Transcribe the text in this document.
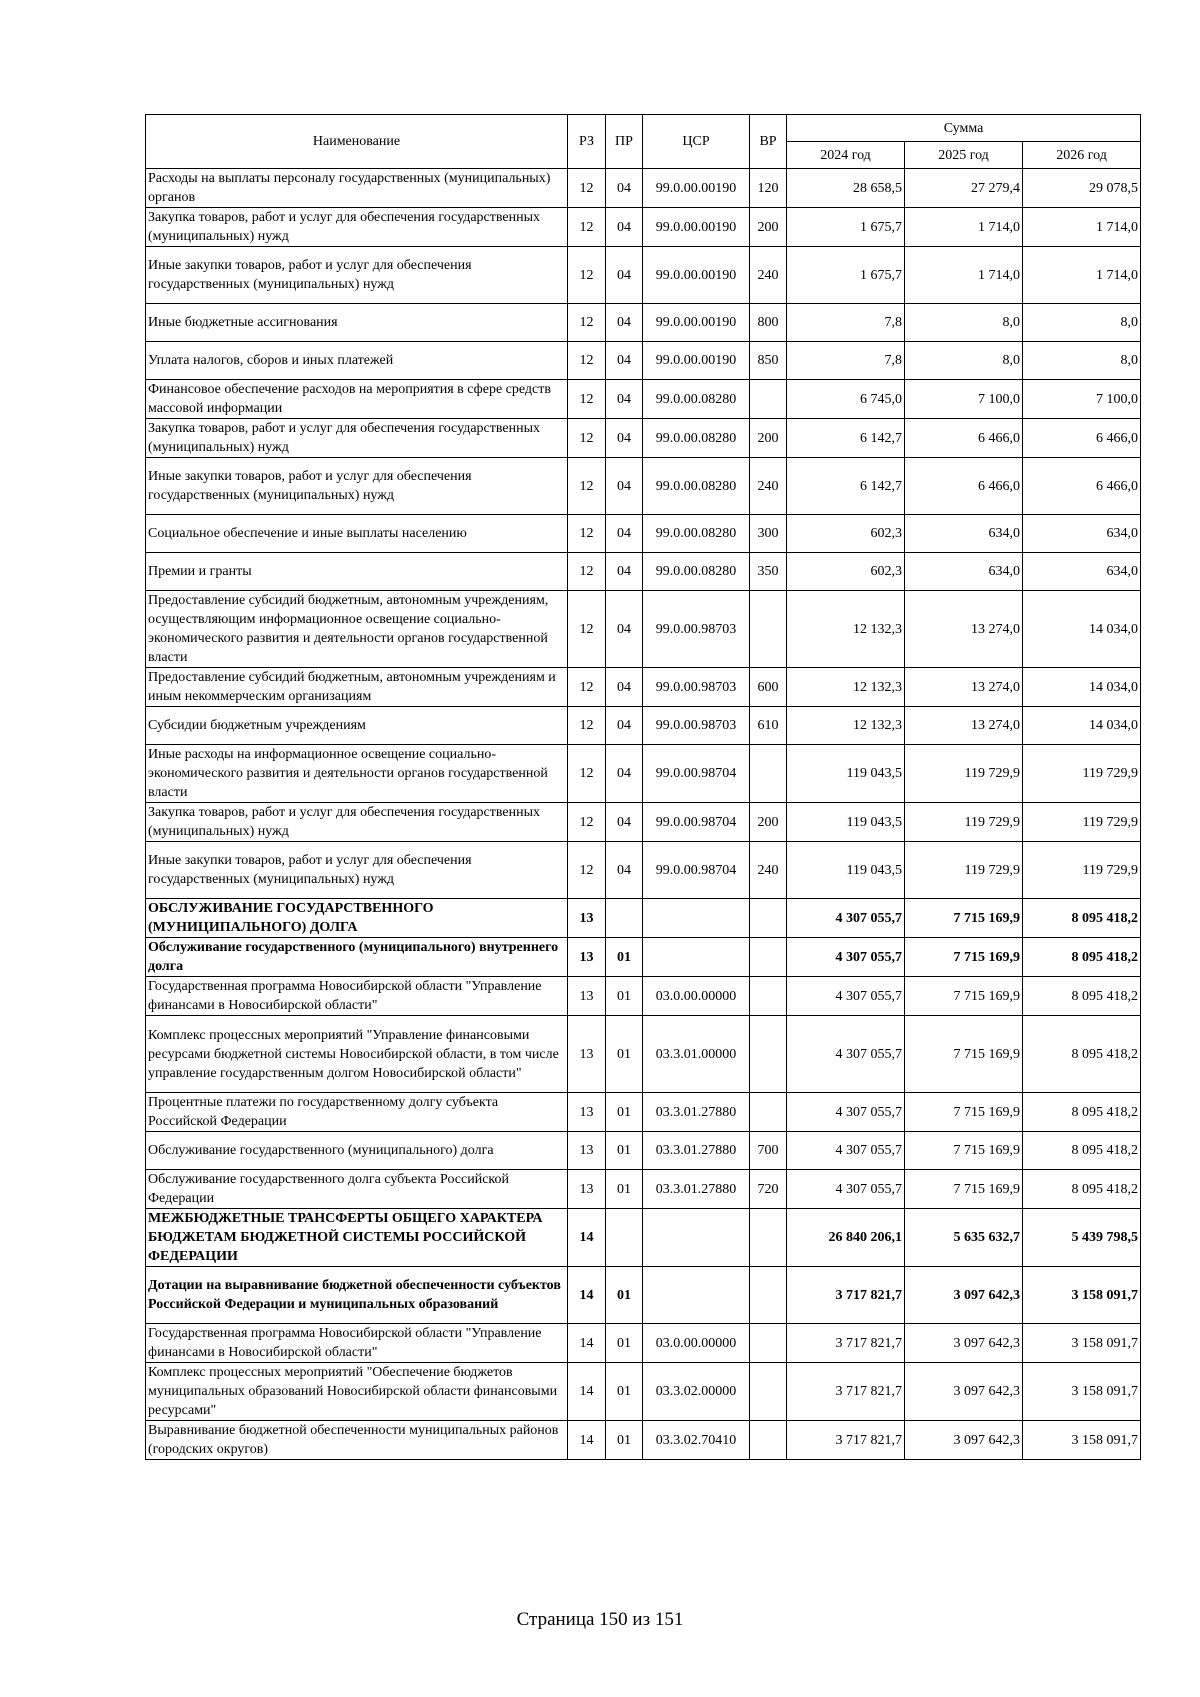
Наименование	РЗ	ПР	ЦСР	ВР	Сумма		
					2024 год	2025 год	2026 год
Расходы на выплаты персоналу государственных (муниципальных) органов	12	04	99.0.00.00190	120	28 658,5	27 279,4	29 078,5
Закупка товаров, работ и услуг для обеспечения государственных (муниципальных) нужд	12	04	99.0.00.00190	200	1 675,7	1 714,0	1 714,0
Иные закупки товаров, работ и услуг для обеспечения государственных (муниципальных) нужд	12	04	99.0.00.00190	240	1 675,7	1 714,0	1 714,0
Иные бюджетные ассигнования	12	04	99.0.00.00190	800	7,8	8,0	8,0
Уплата налогов, сборов и иных платежей	12	04	99.0.00.00190	850	7,8	8,0	8,0
Финансовое обеспечение расходов на мероприятия в сфере средств массовой информации	12	04	99.0.00.08280		6 745,0	7 100,0	7 100,0
Закупка товаров, работ и услуг для обеспечения государственных (муниципальных) нужд	12	04	99.0.00.08280	200	6 142,7	6 466,0	6 466,0
Иные закупки товаров, работ и услуг для обеспечения государственных (муниципальных) нужд	12	04	99.0.00.08280	240	6 142,7	6 466,0	6 466,0
Социальное обеспечение и иные выплаты населению	12	04	99.0.00.08280	300	602,3	634,0	634,0
Премии и гранты	12	04	99.0.00.08280	350	602,3	634,0	634,0
Предоставление субсидий бюджетным, автономным учреждениям, осуществляющим информационное освещение социально-экономического развития и деятельности органов государственной власти	12	04	99.0.00.98703		12 132,3	13 274,0	14 034,0
Предоставление субсидий бюджетным, автономным учреждениям и иным некоммерческим организациям	12	04	99.0.00.98703	600	12 132,3	13 274,0	14 034,0
Субсидии бюджетным учреждениям	12	04	99.0.00.98703	610	12 132,3	13 274,0	14 034,0
Иные расходы на информационное освещение социально-экономического развития и деятельности органов государственной власти	12	04	99.0.00.98704		119 043,5	119 729,9	119 729,9
Закупка товаров, работ и услуг для обеспечения государственных (муниципальных) нужд	12	04	99.0.00.98704	200	119 043,5	119 729,9	119 729,9
Иные закупки товаров, работ и услуг для обеспечения государственных (муниципальных) нужд	12	04	99.0.00.98704	240	119 043,5	119 729,9	119 729,9
ОБСЛУЖИВАНИЕ ГОСУДАРСТВЕННОГО (МУНИЦИПАЛЬНОГО) ДОЛГА	13				4 307 055,7	7 715 169,9	8 095 418,2
Обслуживание государственного (муниципального) внутреннего долга	13	01			4 307 055,7	7 715 169,9	8 095 418,2
Государственная программа Новосибирской области "Управление финансами в Новосибирской области"	13	01	03.0.00.00000		4 307 055,7	7 715 169,9	8 095 418,2
Комплекс процессных мероприятий "Управление финансовыми ресурсами бюджетной системы Новосибирской области, в том числе управление государственным долгом Новосибирской области"	13	01	03.3.01.00000		4 307 055,7	7 715 169,9	8 095 418,2
Процентные платежи по государственному долгу субъекта Российской Федерации	13	01	03.3.01.27880		4 307 055,7	7 715 169,9	8 095 418,2
Обслуживание государственного (муниципального) долга	13	01	03.3.01.27880	700	4 307 055,7	7 715 169,9	8 095 418,2
Обслуживание государственного долга субъекта Российской Федерации	13	01	03.3.01.27880	720	4 307 055,7	7 715 169,9	8 095 418,2
МЕЖБЮДЖЕТНЫЕ ТРАНСФЕРТЫ ОБЩЕГО ХАРАКТЕРА БЮДЖЕТАМ БЮДЖЕТНОЙ СИСТЕМЫ РОССИЙСКОЙ ФЕДЕРАЦИИ	14				26 840 206,1	5 635 632,7	5 439 798,5
Дотации на выравнивание бюджетной обеспеченности субъектов Российской Федерации и муниципальных образований	14	01			3 717 821,7	3 097 642,3	3 158 091,7
Государственная программа Новосибирской области "Управление финансами в Новосибирской области"	14	01	03.0.00.00000		3 717 821,7	3 097 642,3	3 158 091,7
Комплекс процессных мероприятий "Обеспечение бюджетов муниципальных образований Новосибирской области финансовыми ресурсами"	14	01	03.3.02.00000		3 717 821,7	3 097 642,3	3 158 091,7
Выравнивание бюджетной обеспеченности муниципальных районов (городских округов)	14	01	03.3.02.70410		3 717 821,7	3 097 642,3	3 158 091,7
Страница 150 из 151
